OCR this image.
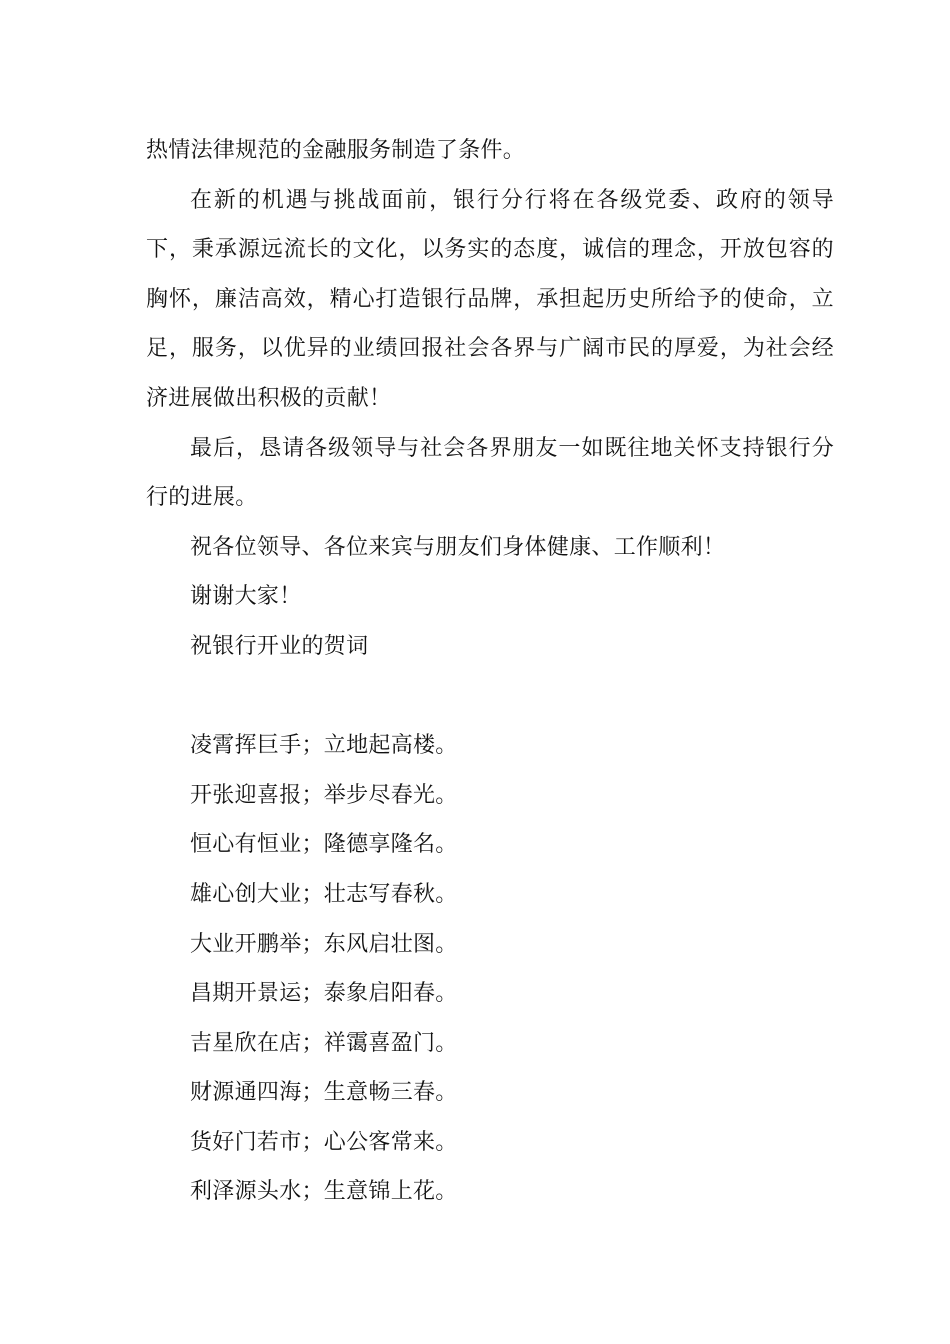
热情法律规范的金融服务制造了条件。

在新的机遇与挑战面前，银行分行将在各级党委、政府的领导下，秉承源远流长的文化，以务实的态度，诚信的理念，开放包容的胸怀，廉洁高效，精心打造银行品牌，承担起历史所给予的使命，立足，服务，以优异的业绩回报社会各界与广阔市民的厚爱，为社会经济进展做出积极的贡献！

最后，恳请各级领导与社会各界朋友一如既往地关怀支持银行分行的进展。

祝各位领导、各位来宾与朋友们身体健康、工作顺利！

谢谢大家！

祝银行开业的贺词

凌霄挥巨手；立地起高楼。

开张迎喜报；举步尽春光。

恒心有恒业；隆德享隆名。

雄心创大业；壮志写春秋。

大业开鹏举；东风启壮图。

昌期开景运；泰象启阳春。

吉星欣在店；祥霭喜盈门。

财源通四海；生意畅三春。

货好门若市；心公客常来。

利泽源头水；生意锦上花。
